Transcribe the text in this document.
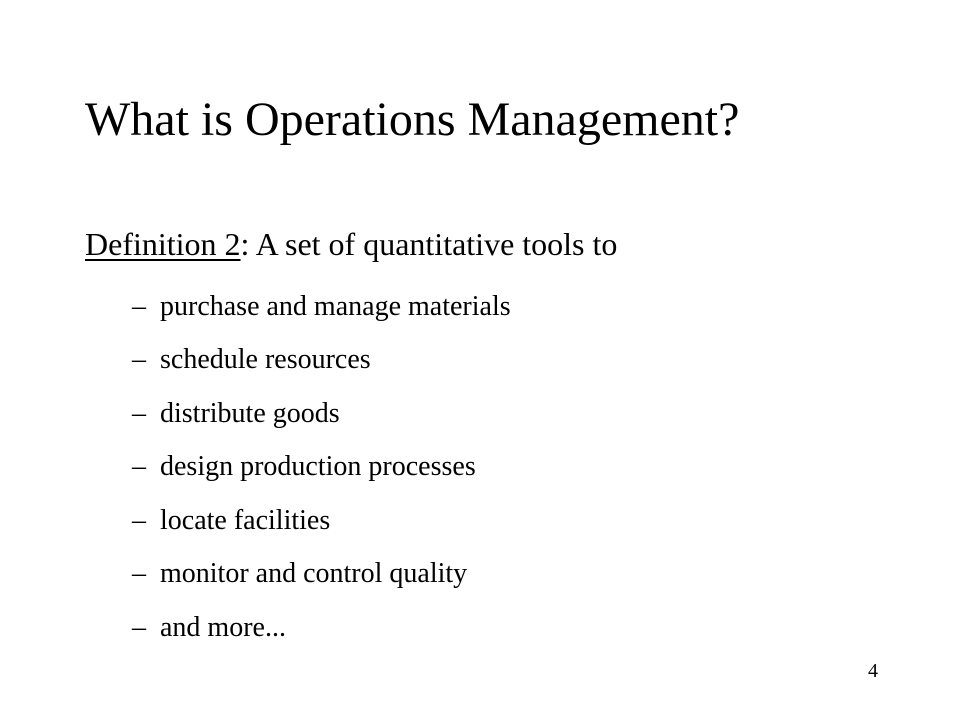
What is Operations Management?
Definition 2: A set of quantitative tools to
– purchase and manage materials
– schedule resources
– distribute goods
– design production processes
– locate facilities
– monitor and control quality
– and more...
4
